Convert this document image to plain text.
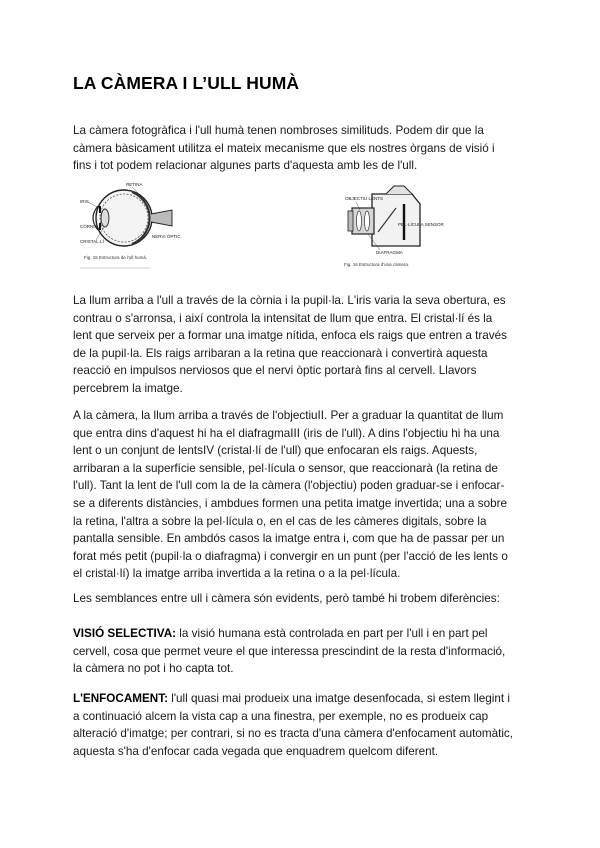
LA CÀMERA I L’ULL HUMÀ

La càmera fotogràfica i l'ull humà tenen nombroses similituds. Podem dir que la càmera bàsicament utilitza el mateix mecanisme que els nostres òrgans de visió i fins i tot podem relacionar algunes parts d'aquesta amb les de l'ull.

RETINA
IRIS
CÒRNIA
CRISTAL·LÍ
NERVI ÒPTIC
Fig. 15 Estructura de l'ull humà.
OBJECTIU LENTS
PEL·LÍCULA SENSOR
DIAFRAGMA
Fig. 16 Estructura d'una càmera.

La llum arriba a l'ull a través de la còrnia i la pupil·la. L'iris varia la seva obertura, es contrau o s'arronsa, i així controla la intensitat de llum que entra. El cristal·lí és la lent que serveix per a formar una imatge nítida, enfoca els raigs que entren a través de la pupil·la. Els raigs arribaran a la retina que reaccionarà i convertirà aquesta reacció en impulsos nerviosos que el nervi òptic portarà fins al cervell. Llavors percebrem la imatge.

A la càmera, la llum arriba a través de l'objectiuII. Per a graduar la quantitat de llum que entra dins d'aquest hi ha el diafragmaIII (iris de l'ull). A dins l'objectiu hi ha una lent o un conjunt de lentsIV (cristal·lí de l'ull) que enfocaran els raigs. Aquests, arribaran a la superfície sensible, pel·lícula o sensor, que reaccionarà (la retina de l'ull). Tant la lent de l'ull com la de la càmera (l'objectiu) poden graduar-se i enfocar-se a diferents distàncies, i ambdues formen una petita imatge invertida; una a sobre la retina, l'altra a sobre la pel·lícula o, en el cas de les càmeres digitals, sobre la pantalla sensible. En ambdós casos la imatge entra i, com que ha de passar per un forat més petit (pupil·la o diafragma) i convergir en un punt (per l'acció de les lents o el cristal·lí) la imatge arriba invertida a la retina o a la pel·lícula.

Les semblances entre ull i càmera són evidents, però també hi trobem diferències:

VISIÓ SELECTIVA: la visió humana està controlada en part per l'ull i en part pel cervell, cosa que permet veure el que interessa prescindint de la resta d'informació, la càmera no pot i ho capta tot.

L'ENFOCAMENT: l'ull quasi mai produeix una imatge desenfocada, si estem llegint i a continuació alcem la vista cap a una finestra, per exemple, no es produeix cap alteració d'imatge; per contrari, si no es tracta d'una càmera d'enfocament automàtic, aquesta s'ha d'enfocar cada vegada que enquadrem quelcom diferent.
